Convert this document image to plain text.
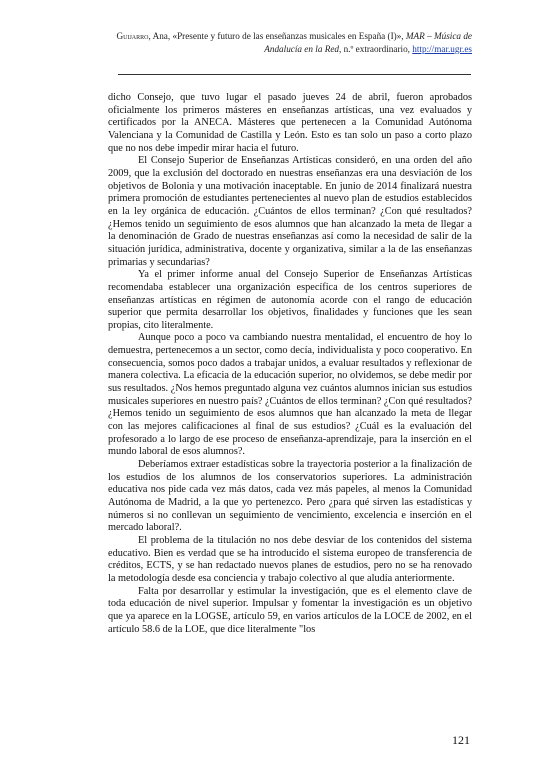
Guijarro, Ana, «Presente y futuro de las enseñanzas musicales en España (I)», MAR – Música de Andalucía en la Red, n.º extraordinario, http://mar.ugr.es

dicho Consejo, que tuvo lugar el pasado jueves 24 de abril, fueron aprobados oficialmente los primeros másteres en enseñanzas artísticas, una vez evaluados y certificados por la ANECA. Másteres que pertenecen a la Comunidad Autónoma Valenciana y la Comunidad de Castilla y León. Esto es tan solo un paso a corto plazo que no nos debe impedir mirar hacia el futuro.

El Consejo Superior de Enseñanzas Artísticas consideró, en una orden del año 2009, que la exclusión del doctorado en nuestras enseñanzas era una desviación de los objetivos de Bolonia y una motivación inaceptable. En junio de 2014 finalizará nuestra primera promoción de estudiantes pertenecientes al nuevo plan de estudios establecidos en la ley orgánica de educación. ¿Cuántos de ellos terminan? ¿Con qué resultados? ¿Hemos tenido un seguimiento de esos alumnos que han alcanzado la meta de llegar a la denominación de Grado de nuestras enseñanzas así como la necesidad de salir de la situación jurídica, administrativa, docente y organizativa, similar a la de las enseñanzas primarias y secundarias?

Ya el primer informe anual del Consejo Superior de Enseñanzas Artísticas recomendaba establecer una organización específica de los centros superiores de enseñanzas artísticas en régimen de autonomía acorde con el rango de educación superior que permita desarrollar los objetivos, finalidades y funciones que les sean propias, cito literalmente.

Aunque poco a poco va cambiando nuestra mentalidad, el encuentro de hoy lo demuestra, pertenecemos a un sector, como decía, individualista y poco cooperativo. En consecuencia, somos poco dados a trabajar unidos, a evaluar resultados y reflexionar de manera colectiva. La eficacia de la educación superior, no olvidemos, se debe medir por sus resultados. ¿Nos hemos preguntado alguna vez cuántos alumnos inician sus estudios musicales superiores en nuestro país? ¿Cuántos de ellos terminan? ¿Con qué resultados? ¿Hemos tenido un seguimiento de esos alumnos que han alcanzado la meta de llegar con las mejores calificaciones al final de sus estudios? ¿Cuál es la evaluación del profesorado a lo largo de ese proceso de enseñanza-aprendizaje, para la inserción en el mundo laboral de esos alumnos?.

Deberíamos extraer estadísticas sobre la trayectoria posterior a la finalización de los estudios de los alumnos de los conservatorios superiores. La administración educativa nos pide cada vez más datos, cada vez más papeles, al menos la Comunidad Autónoma de Madrid, a la que yo pertenezco. Pero ¿para qué sirven las estadísticas y números si no conllevan un seguimiento de vencimiento, excelencia e inserción en el mercado laboral?.

El problema de la titulación no nos debe desviar de los contenidos del sistema educativo. Bien es verdad que se ha introducido el sistema europeo de transferencia de créditos, ECTS, y se han redactado nuevos planes de estudios, pero no se ha renovado la metodología desde esa conciencia y trabajo colectivo al que aludía anteriormente.

Falta por desarrollar y estimular la investigación, que es el elemento clave de toda educación de nivel superior. Impulsar y fomentar la investigación es un objetivo que ya aparece en la LOGSE, artículo 59, en varios artículos de la LOCE de 2002, en el artículo 58.6 de la LOE, que dice literalmente "los

121
